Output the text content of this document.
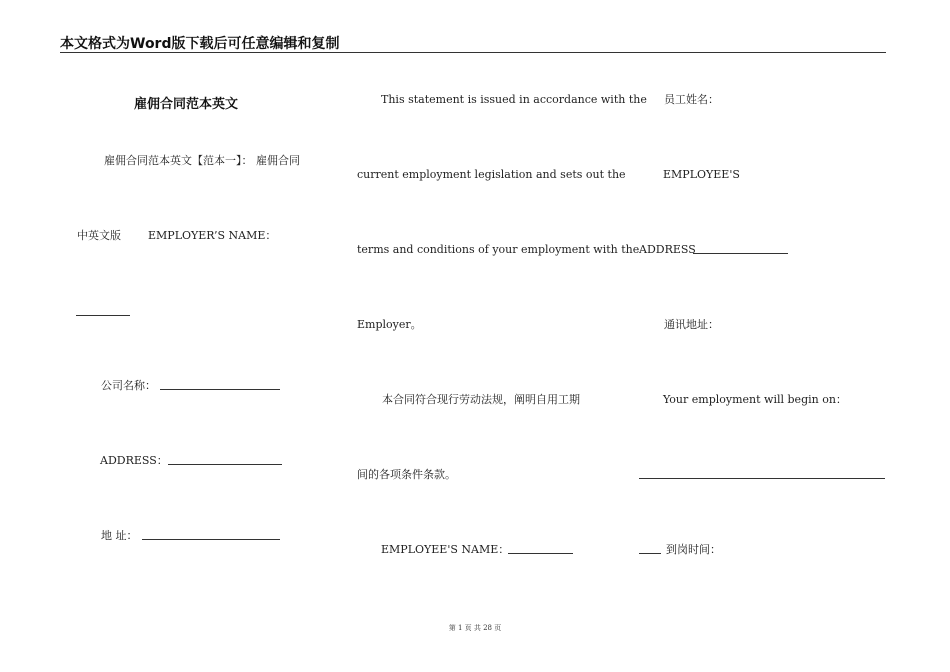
本文格式为Word版下载后可任意编辑和复制
雇佣合同范本英文
雇佣合同范本英文【范本一】： 雇佣合同
中英文版 EMPLOYER’S NAME：
公司名称：
ADDRESS：
地 址：
This statement is issued in accordance with the
current employment legislation and sets out the
terms and conditions of your employment with the
Employer。
本合同符合现行劳动法规，阐明自用工期
间的各项条件条款。
EMPLOYEE'S NAME：
员工姓名：
EMPLOYEE'S
ADDRESS
通讯地址：
Your employment will begin on：
到岗时间：
第 1 页 共 28 页
